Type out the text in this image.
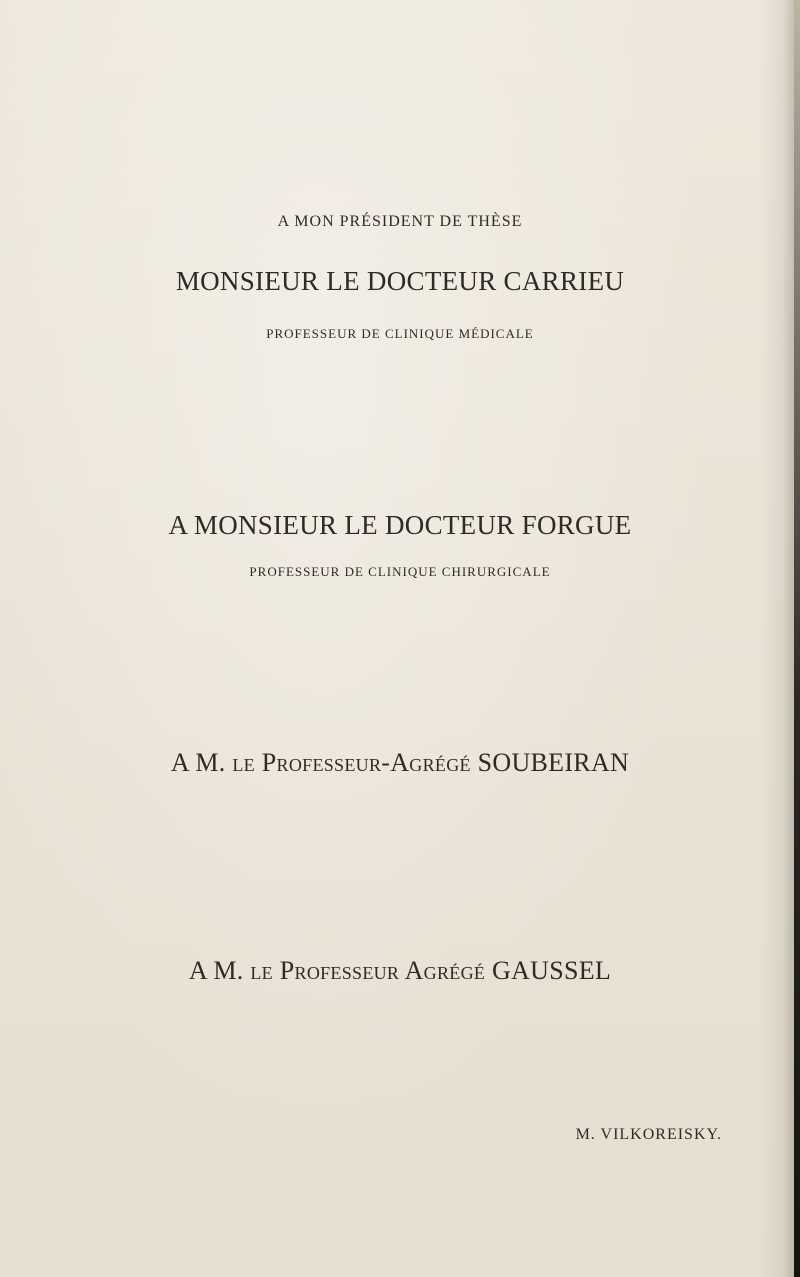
A MON PRÉSIDENT DE THÈSE
MONSIEUR LE DOCTEUR CARRIEU
PROFESSEUR DE CLINIQUE MÉDICALE
A MONSIEUR LE DOCTEUR FORGUE
PROFESSEUR DE CLINIQUE CHIRURGICALE
A M. le Professeur-Agrégé SOUBEIRAN
A M. le Professeur Agrégé GAUSSEL
M. VILKOREISKY.
